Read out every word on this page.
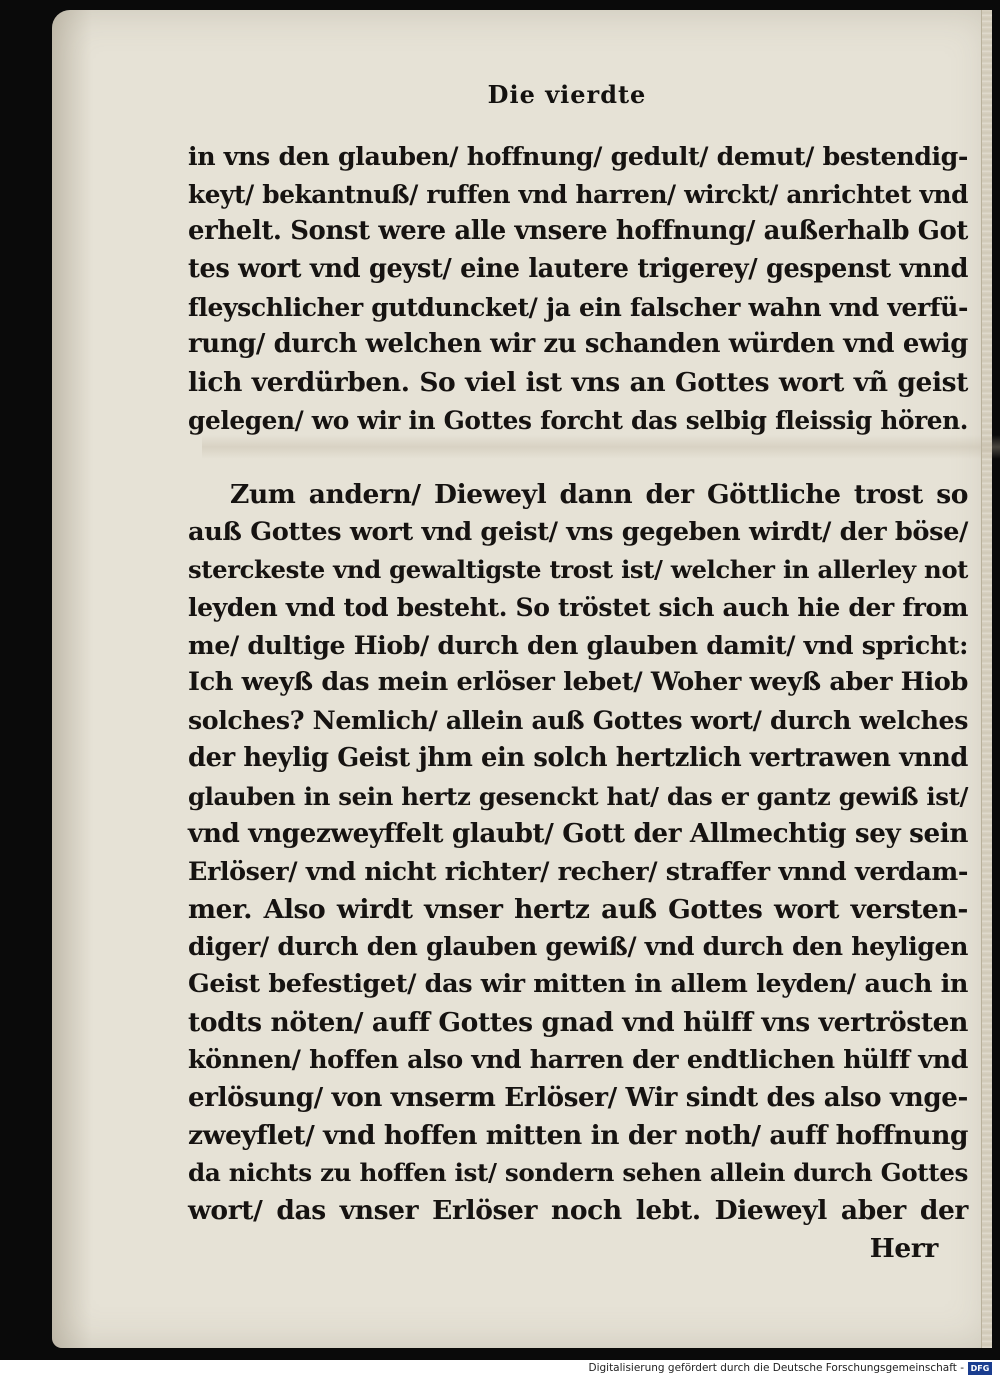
Die vierdte
in vns den glauben/ hoffnung/ gedult/ demut/ bestendig-
keyt/ bekantnuß/ ruffen vnd harren/ wirckt/ anrichtet vnd
erhelt. Sonst were alle vnsere hoffnung/ außerhalb Got
tes wort vnd geyst/ eine lautere trigerey/ gespenst vnnd
fleyschlicher gutduncket/ ja ein falscher wahn vnd verfü-
rung/ durch welchen wir zu schanden würden vnd ewig
lich verdürben. So viel ist vns an Gottes wort vñ geist
gelegen/ wo wir in Gottes forcht das selbig fleissig hören.
Zum andern/ Dieweyl dann der Göttliche trost so
auß Gottes wort vnd geist/ vns gegeben wirdt/ der böse/
sterckeste vnd gewaltigste trost ist/ welcher in allerley not
leyden vnd tod besteht. So tröstet sich auch hie der from
me/ dultige Hiob/ durch den glauben damit/ vnd spricht:
Ich weyß das mein erlöser lebet/ Woher weyß aber Hiob
solches? Nemlich/ allein auß Gottes wort/ durch welches
der heylig Geist jhm ein solch hertzlich vertrawen vnnd
glauben in sein hertz gesenckt hat/ das er gantz gewiß ist/
vnd vngezweyffelt glaubt/ Gott der Allmechtig sey sein
Erlöser/ vnd nicht richter/ recher/ straffer vnnd verdam-
mer. Also wirdt vnser hertz auß Gottes wort versten-
diger/ durch den glauben gewiß/ vnd durch den heyligen
Geist befestiget/ das wir mitten in allem leyden/ auch in
todts nöten/ auff Gottes gnad vnd hülff vns vertrösten
können/ hoffen also vnd harren der endtlichen hülff vnd
erlösung/ von vnserm Erlöser/ Wir sindt des also vnge-
zweyflet/ vnd hoffen mitten in der noth/ auff hoffnung
da nichts zu hoffen ist/ sondern sehen allein durch Gottes
wort/ das vnser Erlöser noch lebt. Dieweyl aber der
Herr
Digitalisierung gefördert durch die Deutsche Forschungsgemeinschaft - DFG
